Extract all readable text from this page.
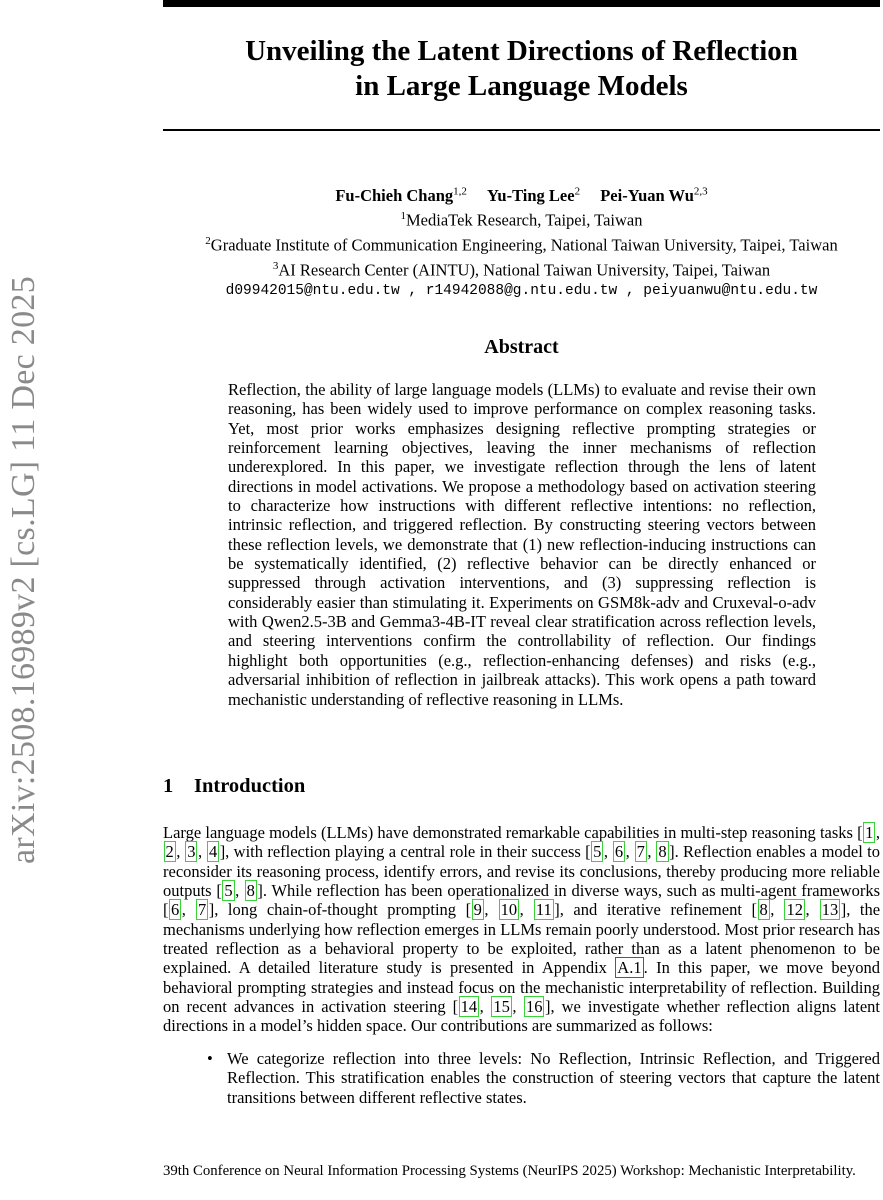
arXiv:2508.16989v2 [cs.LG] 11 Dec 2025
Unveiling the Latent Directions of Reflection
in Large Language Models
Fu-Chieh Chang$^{1,2}$ Yu-Ting Lee$^2$ Pei-Yuan Wu$^{2,3}$
$^1$MediaTek Research, Taipei, Taiwan
$^2$Graduate Institute of Communication Engineering, National Taiwan University, Taipei, Taiwan
$^3$AI Research Center (AINTU), National Taiwan University, Taipei, Taiwan
d09942015@ntu.edu.tw , r14942088@g.ntu.edu.tw , peiyuanwu@ntu.edu.tw
Abstract
Reflection, the ability of large language models (LLMs) to evaluate and revise their own reasoning, has been widely used to improve performance on complex reasoning tasks. Yet, most prior works emphasizes designing reflective prompting strategies or reinforcement learning objectives, leaving the inner mechanisms of reflection underexplored. In this paper, we investigate reflection through the lens of latent directions in model activations. We propose a methodology based on activation steering to characterize how instructions with different reflective intentions: no reflection, intrinsic reflection, and triggered reflection. By constructing steering vectors between these reflection levels, we demonstrate that (1) new reflection-inducing instructions can be systematically identified, (2) reflective behavior can be directly enhanced or suppressed through activation interventions, and (3) suppressing reflection is considerably easier than stimulating it. Experiments on GSM8k-adv and Cruxeval-o-adv with Qwen2.5-3B and Gemma3-4B-IT reveal clear stratification across reflection levels, and steering interventions confirm the controllability of reflection. Our findings highlight both opportunities (e.g., reflection-enhancing defenses) and risks (e.g., adversarial inhibition of reflection in jailbreak attacks). This work opens a path toward mechanistic understanding of reflective reasoning in LLMs.
1 Introduction
Large language models (LLMs) have demonstrated remarkable capabilities in multi-step reasoning tasks [ 1 , 2 , 3 , 4 ], with reflection playing a central role in their success [ 5 , 6 , 7 , 8 ]. Reflection enables a model to reconsider its reasoning process, identify errors, and revise its conclusions, thereby producing more reliable outputs [ 5 , 8 ]. While reflection has been operationalized in diverse ways, such as multi-agent frameworks [ 6 , 7 ], long chain-of-thought prompting [ 9 , 10 , 11 ], and iterative refinement [ 8 , 12 , 13 ], the mechanisms underlying how reflection emerges in LLMs remain poorly understood. Most prior research has treated reflection as a behavioral property to be exploited, rather than as a latent phenomenon to be explained. A detailed literature study is presented in Appendix A.1 . In this paper, we move beyond behavioral prompting strategies and instead focus on the mechanistic interpretability of reflection. Building on recent advances in activation steering [ 14 , 15 , 16 ], we investigate whether reflection aligns latent directions in a model’s hidden space. Our contributions are summarized as follows:
• We categorize reflection into three levels: No Reflection, Intrinsic Reflection, and Triggered Reflection. This stratification enables the construction of steering vectors that capture the latent transitions between different reflective states.
39th Conference on Neural Information Processing Systems (NeurIPS 2025) Workshop: Mechanistic Interpretability.
